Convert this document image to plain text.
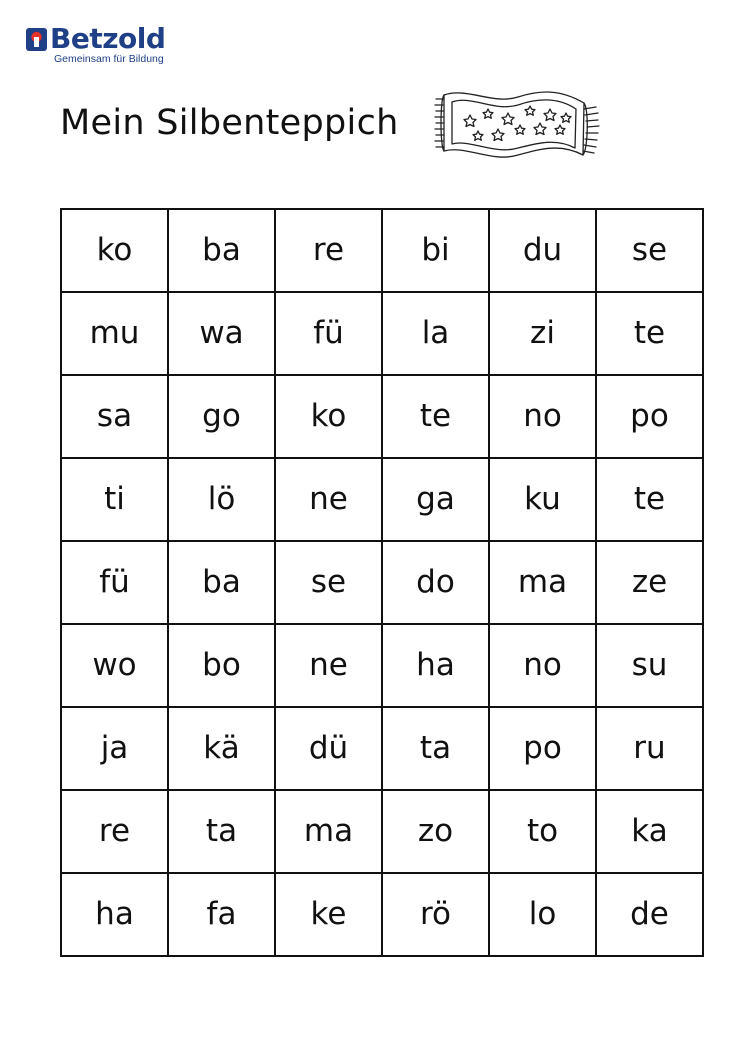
Betzold
Gemeinsam für Bildung
Mein Silbenteppich
ko	ba	re	bi	du	se
mu	wa	fü	la	zi	te
sa	go	ko	te	no	po
ti	lö	ne	ga	ku	te
fü	ba	se	do	ma	ze
wo	bo	ne	ha	no	su
ja	kä	dü	ta	po	ru
re	ta	ma	zo	to	ka
ha	fa	ke	rö	lo	de
